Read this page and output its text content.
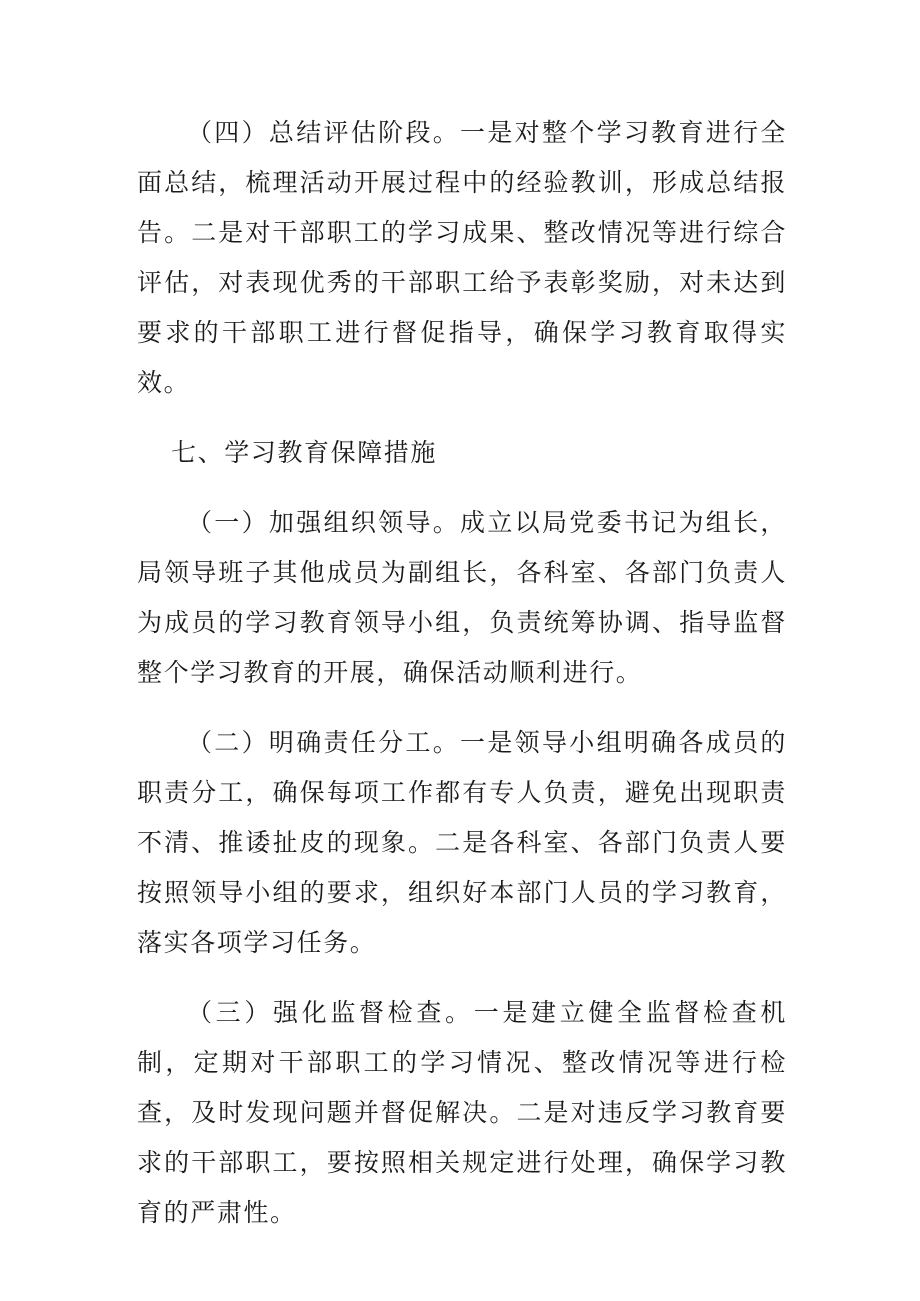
（四）总结评估阶段。一是对整个学习教育进行全面总结，梳理活动开展过程中的经验教训，形成总结报告。二是对干部职工的学习成果、整改情况等进行综合评估，对表现优秀的干部职工给予表彰奖励，对未达到要求的干部职工进行督促指导，确保学习教育取得实效。

七、学习教育保障措施

（一）加强组织领导。成立以局党委书记为组长，局领导班子其他成员为副组长，各科室、各部门负责人为成员的学习教育领导小组，负责统筹协调、指导监督整个学习教育的开展，确保活动顺利进行。

（二）明确责任分工。一是领导小组明确各成员的职责分工，确保每项工作都有专人负责，避免出现职责不清、推诿扯皮的现象。二是各科室、各部门负责人要按照领导小组的要求，组织好本部门人员的学习教育，落实各项学习任务。

（三）强化监督检查。一是建立健全监督检查机制，定期对干部职工的学习情况、整改情况等进行检查，及时发现问题并督促解决。二是对违反学习教育要求的干部职工，要按照相关规定进行处理，确保学习教育的严肃性。
